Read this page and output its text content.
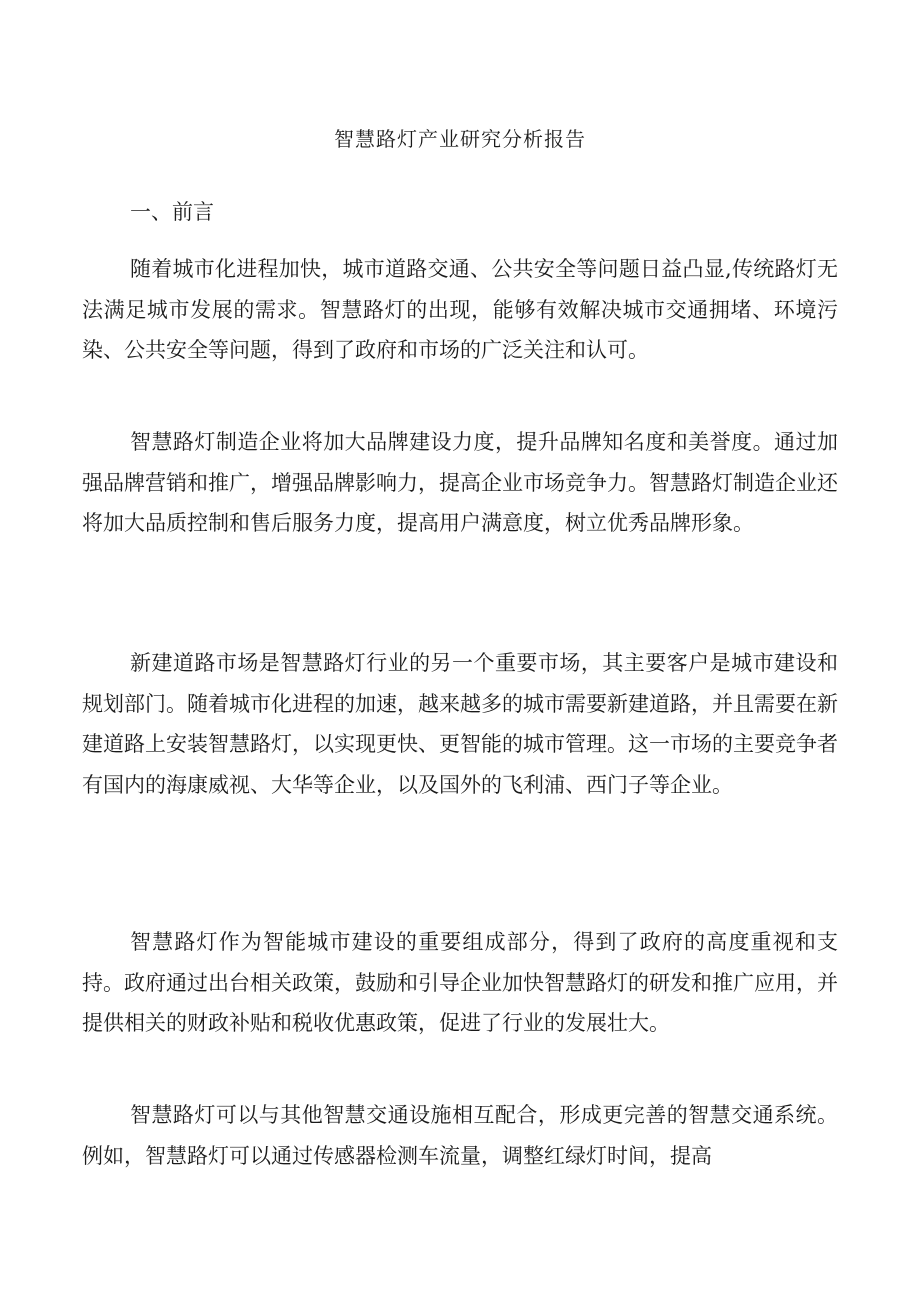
智慧路灯产业研究分析报告
一、前言

随着城市化进程加快，城市道路交通、公共安全等问题日益凸显,传统路灯无法满足城市发展的需求。智慧路灯的出现，能够有效解决城市交通拥堵、环境污染、公共安全等问题，得到了政府和市场的广泛关注和认可。

智慧路灯制造企业将加大品牌建设力度，提升品牌知名度和美誉度。通过加强品牌营销和推广，增强品牌影响力，提高企业市场竞争力。智慧路灯制造企业还将加大品质控制和售后服务力度，提高用户满意度，树立优秀品牌形象。

新建道路市场是智慧路灯行业的另一个重要市场，其主要客户是城市建设和规划部门。随着城市化进程的加速，越来越多的城市需要新建道路，并且需要在新建道路上安装智慧路灯，以实现更快、更智能的城市管理。这一市场的主要竞争者有国内的海康威视、大华等企业，以及国外的飞利浦、西门子等企业。

智慧路灯作为智能城市建设的重要组成部分，得到了政府的高度重视和支持。政府通过出台相关政策，鼓励和引导企业加快智慧路灯的研发和推广应用，并提供相关的财政补贴和税收优惠政策，促进了行业的发展壮大。

智慧路灯可以与其他智慧交通设施相互配合，形成更完善的智慧交通系统。例如，智慧路灯可以通过传感器检测车流量，调整红绿灯时间，提高
